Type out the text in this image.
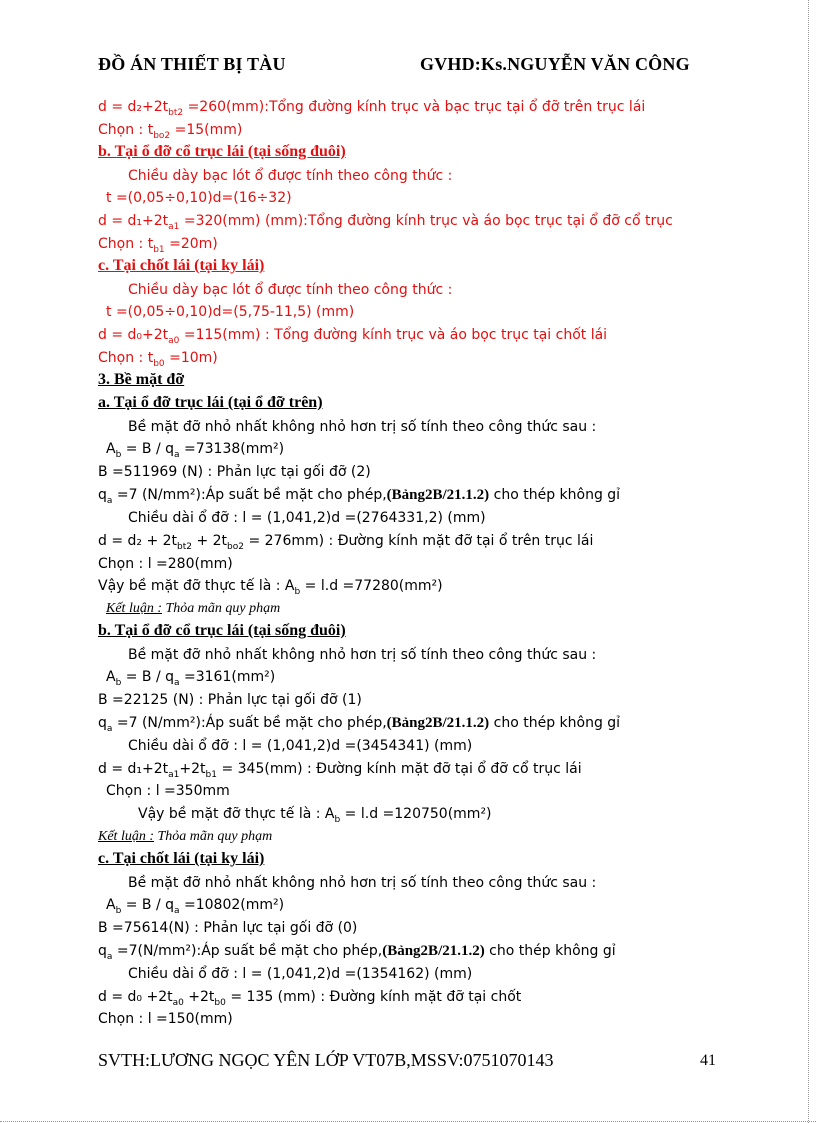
ĐỒ ÁN THIẾT BỊ TÀU	GVHD:Ks.NGUYỄN VĂN CÔNG
$d = d_2+2t_{bt2}$ =260(mm):Tổng đường kính trục và bạc trục tại ổ đỡ trên trục lái
Chọn : $t_{bo2} =15(mm)$
b. Tại ổ đỡ cổ trục lái (tại sống đuôi)
Chiều dày bạc lót ổ được tính theo công thức :
t =(0,05÷0,10)d=(16÷32)
$d = d_1+2t_{a1} =320(mm)$ (mm):Tổng đường kính trục và áo bọc trục tại ổ đỡ cổ trục
Chọn : $t_{b1} =20m$)
c. Tại chốt lái (tại ky lái)
Chiều dày bạc lót ổ được tính theo công thức :
t =(0,05÷0,10)d=(5,75-11,5) (mm)
$d = d_0+2t_{a0} =115(mm)$ : Tổng đường kính trục và áo bọc trục tại chốt lái
Chọn : $t_{b0} =10m$)
3. Bề mặt đỡ
a. Tại ổ đỡ trục lái (tại ổ đỡ trên)
Bề mặt đỡ nhỏ nhất không nhỏ hơn trị số tính theo công thức sau :
$A_b = B / q_a =73138(mm^2)$
B =511969 (N) : Phản lực tại gối đỡ (2)
$q_a =7$ (N/mm²):Áp suất bề mặt cho phép,(Bảng2B/21.1.2) cho thép không gỉ
Chiều dài ổ đỡ : l = (1,041,2)d =(2764331,2) (mm)
$d = d_2 + 2t_{bt2} + 2t_{bo2} = 276mm$) : Đường kính mặt đỡ tại ổ trên trục lái
Chọn : l =280(mm)
Vậy bề mặt đỡ thực tế là : $A_b = l.d =77280(mm^2)$
Kết luận : Thỏa mãn quy phạm
b. Tại ổ đỡ cổ trục lái (tại sống đuôi)
Bề mặt đỡ nhỏ nhất không nhỏ hơn trị số tính theo công thức sau :
$A_b = B / q_a =3161(mm^2)$
B =22125 (N) : Phản lực tại gối đỡ (1)
$q_a =7$ (N/mm²):Áp suất bề mặt cho phép,(Bảng2B/21.1.2) cho thép không gỉ
Chiều dài ổ đỡ : l = (1,041,2)d =(3454341) (mm)
$d = d_1+2t_{a1}+2t_{b1} = 345(mm)$ : Đường kính mặt đỡ tại ổ đỡ cổ trục lái
Chọn : l =350mm
Vậy bề mặt đỡ thực tế là : $A_b = l.d =120750(mm^2)$
Kết luận : Thỏa mãn quy phạm
c. Tại chốt lái (tại ky lái)
Bề mặt đỡ nhỏ nhất không nhỏ hơn trị số tính theo công thức sau :
$A_b = B / q_a =10802(mm^2)$
B =75614(N) : Phản lực tại gối đỡ (0)
$q_a$ =7(N/mm²):Áp suất bề mặt cho phép,(Bảng2B/21.1.2) cho thép không gỉ
Chiều dài ổ đỡ : l = (1,041,2)d =(1354162) (mm)
$d = d_0 +2t_{a0} +2t_{b0} = 135$ (mm) : Đường kính mặt đỡ tại chốt
Chọn : l =150(mm)
SVTH:LƯƠNG NGỌC YÊN LỚP VT07B,MSSV:0751070143	41
